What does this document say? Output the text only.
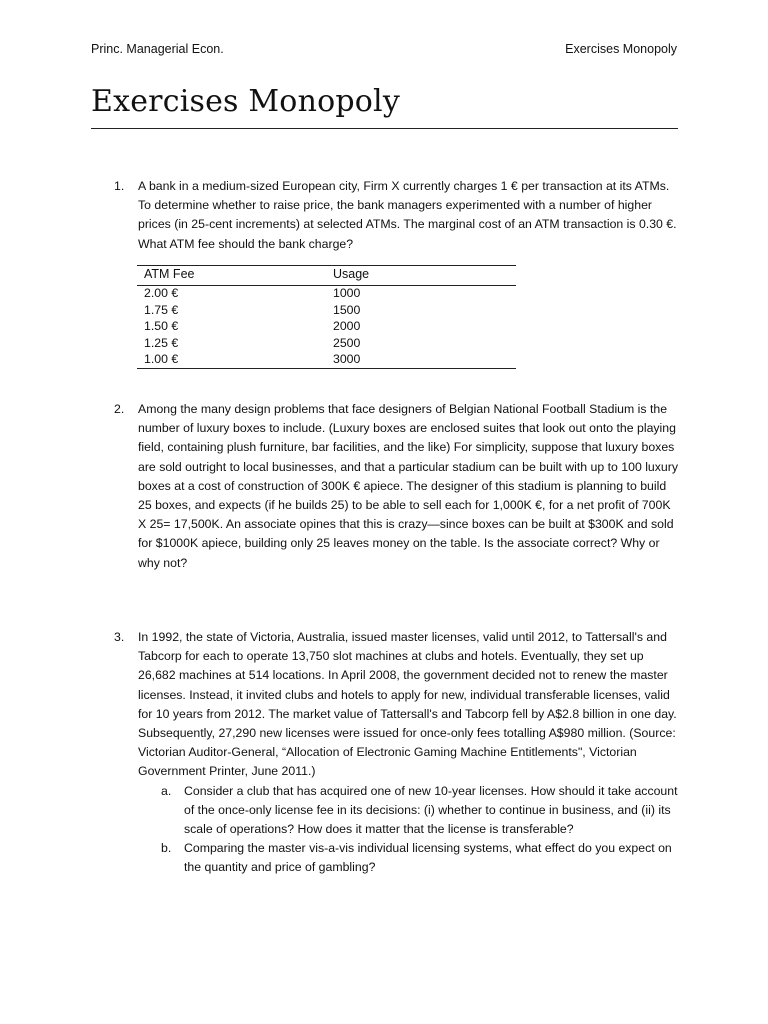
Princ. Managerial Econ.	Exercises Monopoly
Exercises Monopoly
1. A bank in a medium-sized European city, Firm X currently charges 1 € per transaction at its ATMs. To determine whether to raise price, the bank managers experimented with a number of higher prices (in 25-cent increments) at selected ATMs. The marginal cost of an ATM transaction is 0.30 €. What ATM fee should the bank charge?
ATM Fee	Usage
2.00 €	1000
1.75 €	1500
1.50 €	2000
1.25 €	2500
1.00 €	3000
2. Among the many design problems that face designers of Belgian National Football Stadium is the number of luxury boxes to include. (Luxury boxes are enclosed suites that look out onto the playing field, containing plush furniture, bar facilities, and the like) For simplicity, suppose that luxury boxes are sold outright to local businesses, and that a particular stadium can be built with up to 100 luxury boxes at a cost of construction of 300K € apiece. The designer of this stadium is planning to build 25 boxes, and expects (if he builds 25) to be able to sell each for 1,000K €, for a net profit of 700K X 25= 17,500K. An associate opines that this is crazy—since boxes can be built at $300K and sold for $1000K apiece, building only 25 leaves money on the table. Is the associate correct? Why or why not?
3. In 1992, the state of Victoria, Australia, issued master licenses, valid until 2012, to Tattersall's and Tabcorp for each to operate 13,750 slot machines at clubs and hotels. Eventually, they set up 26,682 machines at 514 locations. In April 2008, the government decided not to renew the master licenses. Instead, it invited clubs and hotels to apply for new, individual transferable licenses, valid for 10 years from 2012. The market value of Tattersall's and Tabcorp fell by A$2.8 billion in one day. Subsequently, 27,290 new licenses were issued for once-only fees totalling A$980 million. (Source: Victorian Auditor-General, “Allocation of Electronic Gaming Machine Entitlements", Victorian Government Printer, June 2011.)
a. Consider a club that has acquired one of new 10-year licenses. How should it take account of the once-only license fee in its decisions: (i) whether to continue in business, and (ii) its scale of operations? How does it matter that the license is transferable?
b. Comparing the master vis-a-vis individual licensing systems, what effect do you expect on the quantity and price of gambling?
